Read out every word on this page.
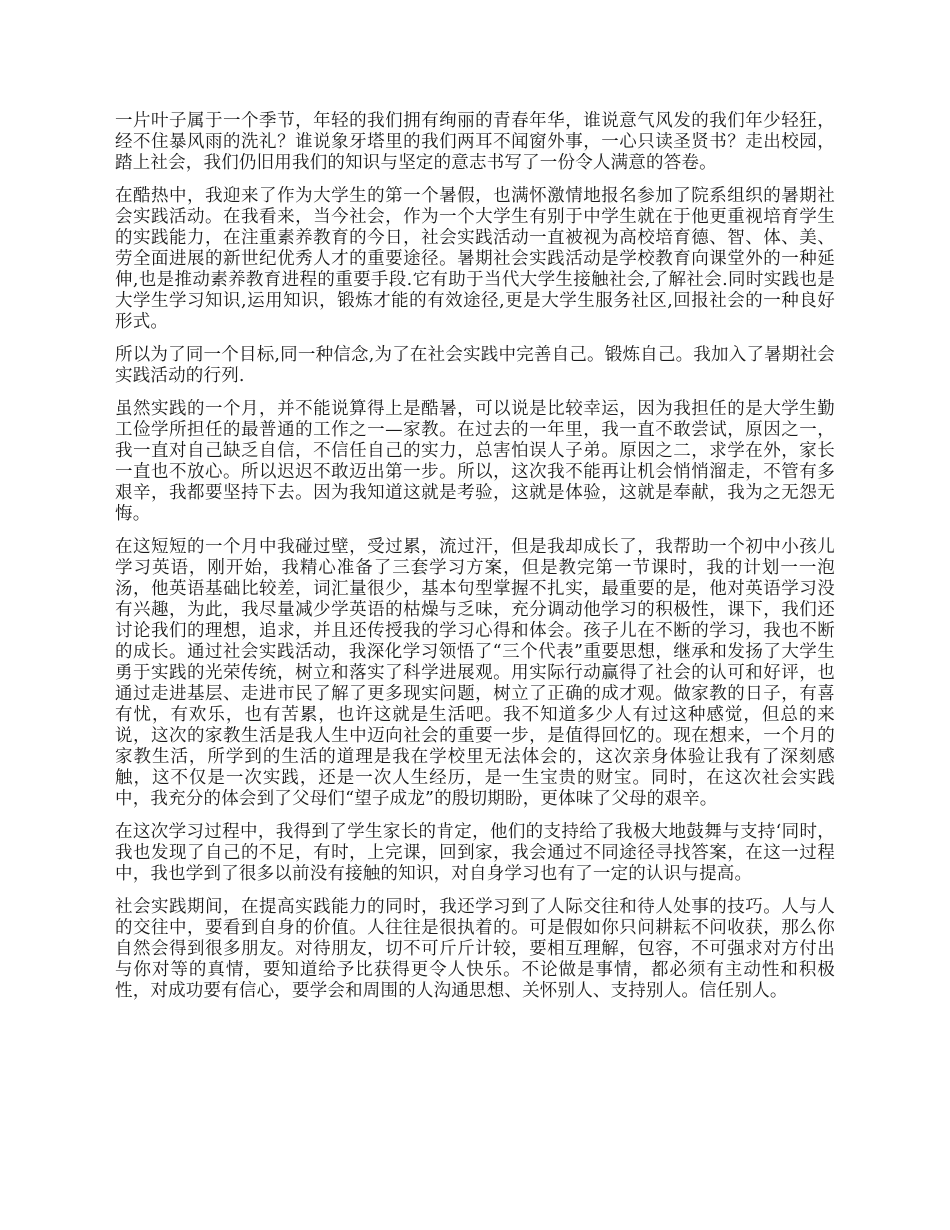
一片叶子属于一个季节，年轻的我们拥有绚丽的青春年华，谁说意气风发的我们年少轻狂，经不住暴风雨的洗礼？谁说象牙塔里的我们两耳不闻窗外事，一心只读圣贤书？走出校园，踏上社会，我们仍旧用我们的知识与坚定的意志书写了一份令人满意的答卷。

在酷热中，我迎来了作为大学生的第一个暑假，也满怀激情地报名参加了院系组织的暑期社会实践活动。在我看来，当今社会，作为一个大学生有别于中学生就在于他更重视培育学生的实践能力，在注重素养教育的今日，社会实践活动一直被视为高校培育德、智、体、美、劳全面进展的新世纪优秀人才的重要途径。暑期社会实践活动是学校教育向课堂外的一种延伸,也是推动素养教育进程的重要手段.它有助于当代大学生接触社会,了解社会.同时实践也是大学生学习知识,运用知识，锻炼才能的有效途径,更是大学生服务社区,回报社会的一种良好形式。

所以为了同一个目标,同一种信念,为了在社会实践中完善自己。锻炼自己。我加入了暑期社会实践活动的行列.

虽然实践的一个月，并不能说算得上是酷暑，可以说是比较幸运，因为我担任的是大学生勤工俭学所担任的最普通的工作之一—家教。在过去的一年里，我一直不敢尝试，原因之一，我一直对自己缺乏自信，不信任自己的实力，总害怕误人子弟。原因之二，求学在外，家长一直也不放心。所以迟迟不敢迈出第一步。所以，这次我不能再让机会悄悄溜走，不管有多艰辛，我都要坚持下去。因为我知道这就是考验，这就是体验，这就是奉献，我为之无怨无悔。

在这短短的一个月中我碰过壁，受过累，流过汗，但是我却成长了，我帮助一个初中小孩儿学习英语，刚开始，我精心准备了三套学习方案，但是教完第一节课时，我的计划一一泡汤，他英语基础比较差，词汇量很少，基本句型掌握不扎实，最重要的是，他对英语学习没有兴趣，为此，我尽量减少学英语的枯燥与乏味，充分调动他学习的积极性，课下，我们还讨论我们的理想，追求，并且还传授我的学习心得和体会。孩子儿在不断的学习，我也不断的成长。通过社会实践活动，我深化学习领悟了“三个代表”重要思想，继承和发扬了大学生勇于实践的光荣传统，树立和落实了科学进展观。用实际行动赢得了社会的认可和好评，也通过走进基层、走进市民了解了更多现实问题，树立了正确的成才观。做家教的日子，有喜有忧，有欢乐，也有苦累，也许这就是生活吧。我不知道多少人有过这种感觉，但总的来说，这次的家教生活是我人生中迈向社会的重要一步，是值得回忆的。现在想来，一个月的家教生活，所学到的生活的道理是我在学校里无法体会的，这次亲身体验让我有了深刻感触，这不仅是一次实践，还是一次人生经历，是一生宝贵的财宝。同时，在这次社会实践中，我充分的体会到了父母们“望子成龙”的殷切期盼，更体味了父母的艰辛。

在这次学习过程中，我得到了学生家长的肯定，他们的支持给了我极大地鼓舞与支持‘同时，我也发现了自己的不足，有时，上完课，回到家，我会通过不同途径寻找答案，在这一过程中，我也学到了很多以前没有接触的知识，对自身学习也有了一定的认识与提高。

社会实践期间，在提高实践能力的同时，我还学习到了人际交往和待人处事的技巧。人与人的交往中，要看到自身的价值。人往往是很执着的。可是假如你只问耕耘不问收获，那么你自然会得到很多朋友。对待朋友，切不可斤斤计较，要相互理解，包容，不可强求对方付出与你对等的真情，要知道给予比获得更令人快乐。不论做是事情，都必须有主动性和积极性，对成功要有信心，要学会和周围的人沟通思想、关怀别人、支持别人。信任别人。
